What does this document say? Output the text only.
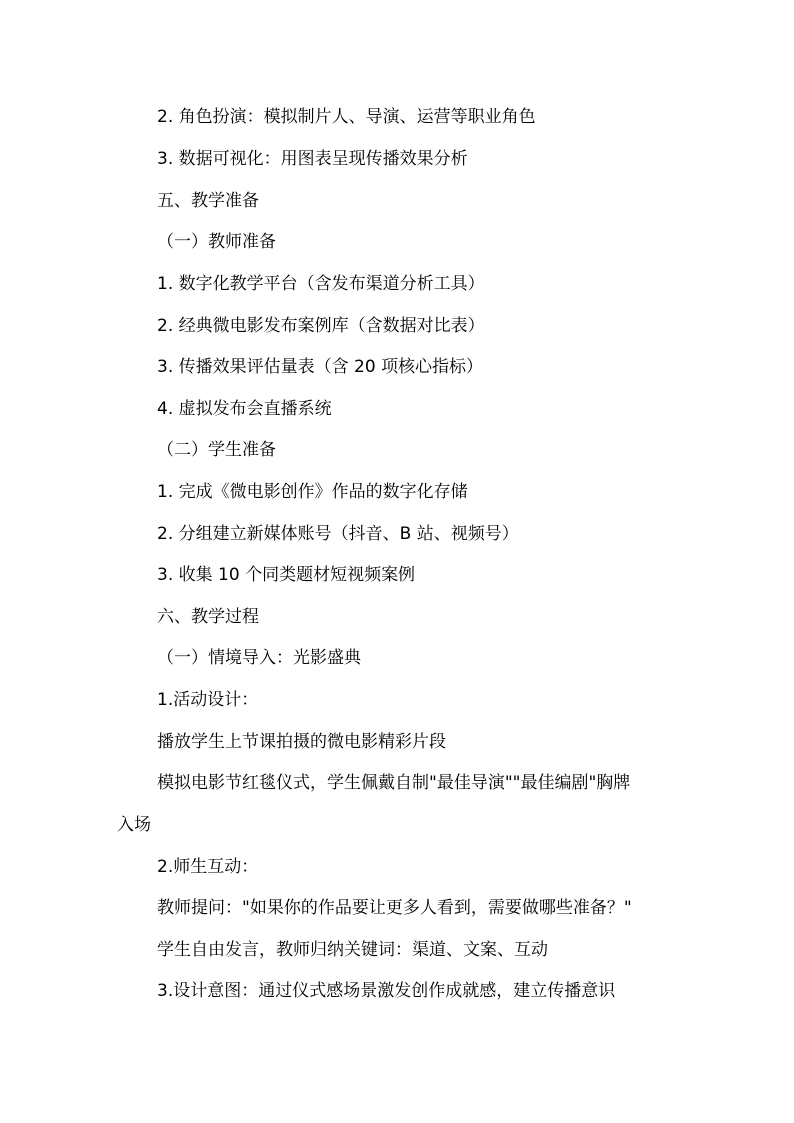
2. 角色扮演：模拟制片人、导演、运营等职业角色
3. 数据可视化：用图表呈现传播效果分析
五、教学准备
（一）教师准备
1. 数字化教学平台（含发布渠道分析工具）
2. 经典微电影发布案例库（含数据对比表）
3. 传播效果评估量表（含 20 项核心指标）
4. 虚拟发布会直播系统
（二）学生准备
1. 完成《微电影创作》作品的数字化存储
2. 分组建立新媒体账号（抖音、B 站、视频号）
3. 收集 10 个同类题材短视频案例
六、教学过程
（一）情境导入：光影盛典
1.活动设计：
播放学生上节课拍摄的微电影精彩片段
模拟电影节红毯仪式，学生佩戴自制"最佳导演""最佳编剧"胸牌
入场
2.师生互动：
教师提问："如果你的作品要让更多人看到，需要做哪些准备？"
学生自由发言，教师归纳关键词：渠道、文案、互动
3.设计意图：通过仪式感场景激发创作成就感，建立传播意识
